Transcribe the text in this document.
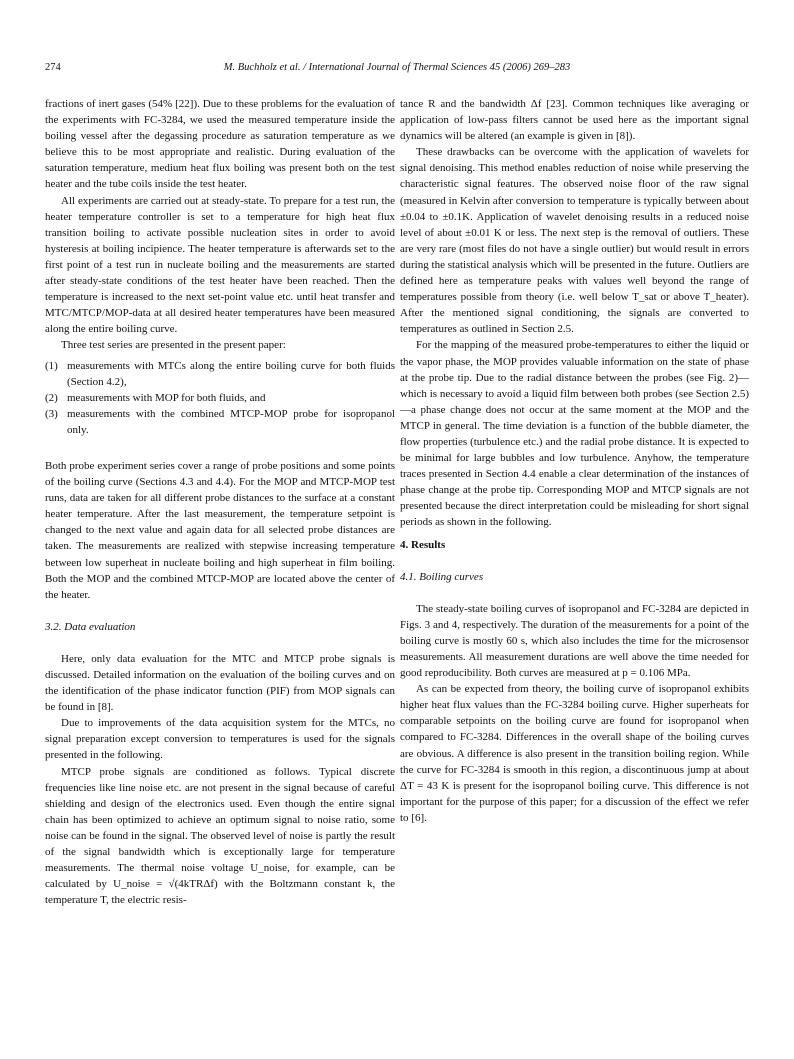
274	M. Buchholz et al. / International Journal of Thermal Sciences 45 (2006) 269–283

fractions of inert gases (54% [22]). Due to these problems for the evaluation of the experiments with FC-3284, we used the measured temperature inside the boiling vessel after the degassing procedure as saturation temperature as we believe this to be most appropriate and realistic. During evaluation of the saturation temperature, medium heat flux boiling was present both on the test heater and the tube coils inside the test heater.

All experiments are carried out at steady-state. To prepare for a test run, the heater temperature controller is set to a temperature for high heat flux transition boiling to activate possible nucleation sites in order to avoid hysteresis at boiling incipience. The heater temperature is afterwards set to the first point of a test run in nucleate boiling and the measurements are started after steady-state conditions of the test heater have been reached. Then the temperature is increased to the next set-point value etc. until heat transfer and MTC/MTCP/MOP-data at all desired heater temperatures have been measured along the entire boiling curve.

Three test series are presented in the present paper:

(1) measurements with MTCs along the entire boiling curve for both fluids (Section 4.2),
(2) measurements with MOP for both fluids, and
(3) measurements with the combined MTCP-MOP probe for isopropanol only.

Both probe experiment series cover a range of probe positions and some points of the boiling curve (Sections 4.3 and 4.4). For the MOP and MTCP-MOP test runs, data are taken for all different probe distances to the surface at a constant heater temperature. After the last measurement, the temperature setpoint is changed to the next value and again data for all selected probe distances are taken. The measurements are realized with stepwise increasing temperature between low superheat in nucleate boiling and high superheat in film boiling. Both the MOP and the combined MTCP-MOP are located above the center of the heater.

3.2. Data evaluation

Here, only data evaluation for the MTC and MTCP probe signals is discussed. Detailed information on the evaluation of the boiling curves and on the identification of the phase indicator function (PIF) from MOP signals can be found in [8].

Due to improvements of the data acquisition system for the MTCs, no signal preparation except conversion to temperatures is used for the signals presented in the following.

MTCP probe signals are conditioned as follows. Typical discrete frequencies like line noise etc. are not present in the signal because of careful shielding and design of the electronics used. Even though the entire signal chain has been optimized to achieve an optimum signal to noise ratio, some noise can be found in the signal. The observed level of noise is partly the result of the signal bandwidth which is exceptionally large for temperature measurements. The thermal noise voltage U_noise, for example, can be calculated by U_noise = √(4kTRΔf) with the Boltzmann constant k, the temperature T, the electric resis-

tance R and the bandwidth Δf [23]. Common techniques like averaging or application of low-pass filters cannot be used here as the important signal dynamics will be altered (an example is given in [8]).

These drawbacks can be overcome with the application of wavelets for signal denoising. This method enables reduction of noise while preserving the characteristic signal features. The observed noise floor of the raw signal (measured in Kelvin after conversion to temperature is typically between about ±0.04 to ±0.1K. Application of wavelet denoising results in a reduced noise level of about ±0.01 K or less. The next step is the removal of outliers. These are very rare (most files do not have a single outlier) but would result in errors during the statistical analysis which will be presented in the future. Outliers are defined here as temperature peaks with values well beyond the range of temperatures possible from theory (i.e. well below T_sat or above T_heater). After the mentioned signal conditioning, the signals are converted to temperatures as outlined in Section 2.5.

For the mapping of the measured probe-temperatures to either the liquid or the vapor phase, the MOP provides valuable information on the state of phase at the probe tip. Due to the radial distance between the probes (see Fig. 2)—which is necessary to avoid a liquid film between both probes (see Section 2.5)—a phase change does not occur at the same moment at the MOP and the MTCP in general. The time deviation is a function of the bubble diameter, the flow properties (turbulence etc.) and the radial probe distance. It is expected to be minimal for large bubbles and low turbulence. Anyhow, the temperature traces presented in Section 4.4 enable a clear determination of the instances of phase change at the probe tip. Corresponding MOP and MTCP signals are not presented because the direct interpretation could be misleading for short signal periods as shown in the following.

4. Results
4.1. Boiling curves

The steady-state boiling curves of isopropanol and FC-3284 are depicted in Figs. 3 and 4, respectively. The duration of the measurements for a point of the boiling curve is mostly 60 s, which also includes the time for the microsensor measurements. All measurement durations are well above the time needed for good reproducibility. Both curves are measured at p = 0.106 MPa.

As can be expected from theory, the boiling curve of isopropanol exhibits higher heat flux values than the FC-3284 boiling curve. Higher superheats for comparable setpoints on the boiling curve are found for isopropanol when compared to FC-3284. Differences in the overall shape of the boiling curves are obvious. A difference is also present in the transition boiling region. While the curve for FC-3284 is smooth in this region, a discontinuous jump at about ΔT = 43 K is present for the isopropanol boiling curve. This difference is not important for the purpose of this paper; for a discussion of the effect we refer to [6].
